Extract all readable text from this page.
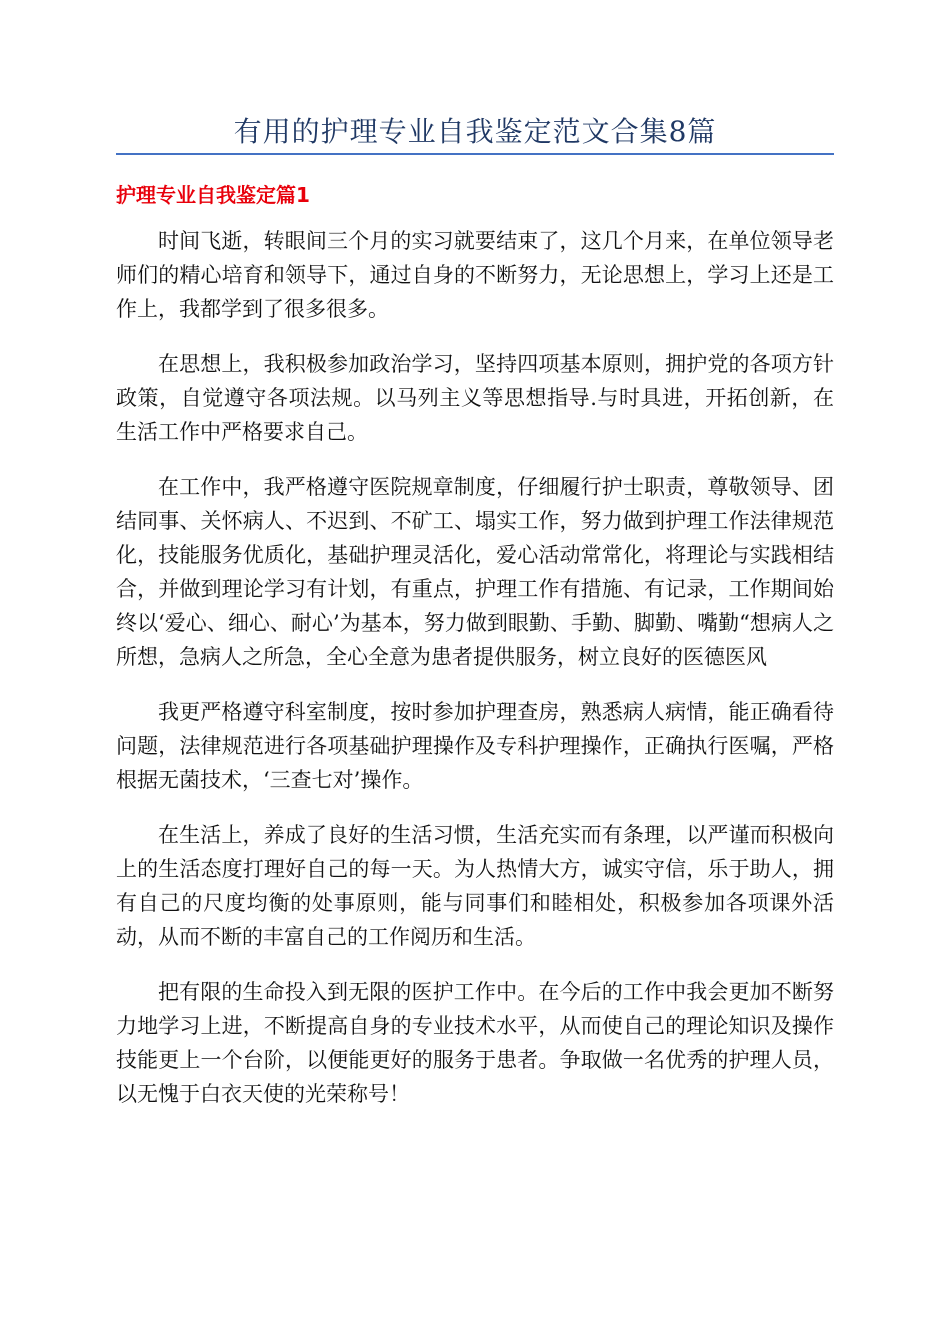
有用的护理专业自我鉴定范文合集8篇
护理专业自我鉴定篇1

时间飞逝，转眼间三个月的实习就要结束了，这几个月来，在单位领导老师们的精心培育和领导下，通过自身的不断努力，无论思想上，学习上还是工作上，我都学到了很多很多。

在思想上，我积极参加政治学习，坚持四项基本原则，拥护党的各项方针政策，自觉遵守各项法规。以马列主义等思想指导.与时具进，开拓创新，在生活工作中严格要求自己。

在工作中，我严格遵守医院规章制度，仔细履行护士职责，尊敬领导、团结同事、关怀病人、不迟到、不矿工、塌实工作，努力做到护理工作法律规范化，技能服务优质化，基础护理灵活化，爱心活动常常化，将理论与实践相结合，并做到理论学习有计划，有重点，护理工作有措施、有记录，工作期间始终以‘爱心、细心、耐心’为基本，努力做到眼勤、手勤、脚勤、嘴勤“想病人之所想，急病人之所急，全心全意为患者提供服务，树立良好的医德医风

我更严格遵守科室制度，按时参加护理查房，熟悉病人病情，能正确看待问题，法律规范进行各项基础护理操作及专科护理操作，正确执行医嘱，严格根据无菌技术，‘三查七对’操作。

在生活上，养成了良好的生活习惯，生活充实而有条理，以严谨而积极向上的生活态度打理好自己的每一天。为人热情大方，诚实守信，乐于助人，拥有自己的尺度均衡的处事原则，能与同事们和睦相处，积极参加各项课外活动，从而不断的丰富自己的工作阅历和生活。

把有限的生命投入到无限的医护工作中。在今后的工作中我会更加不断努力地学习上进，不断提高自身的专业技术水平，从而使自己的理论知识及操作技能更上一个台阶，以便能更好的服务于患者。争取做一名优秀的护理人员，以无愧于白衣天使的光荣称号！
